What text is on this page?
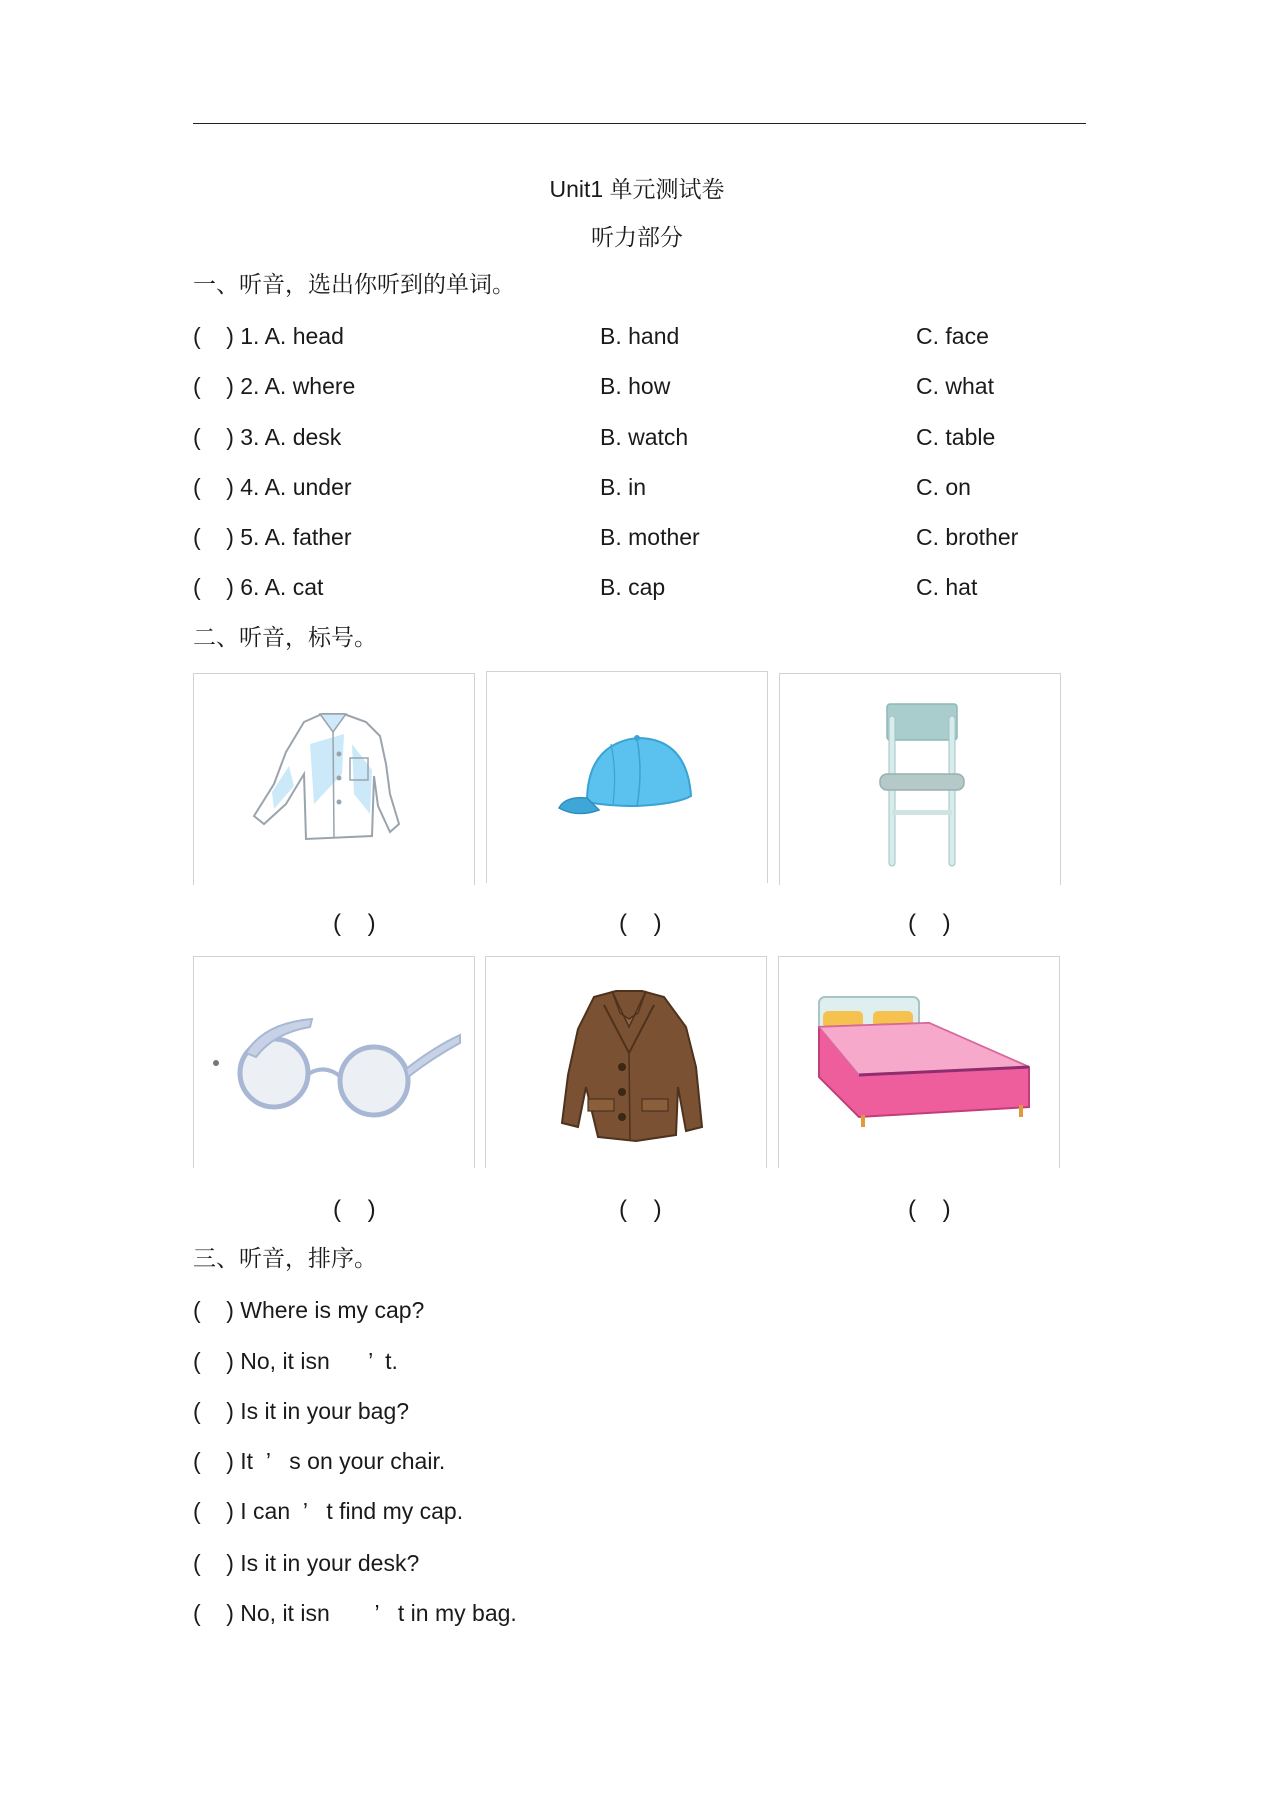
Unit1 单元测试卷
听力部分
一、听音，选出你听到的单词。
(    ) 1. A. head	B. hand	C. face
(    ) 2. A. where	B. how	C. what
(    ) 3. A. desk	B. watch	C. table
(    ) 4. A. under	B. in	C. on
(    ) 5. A. father	B. mother	C. brother
(    ) 6. A. cat	B. cap	C. hat
二、听音，标号。
(    )	(    )	(    )
(    )	(    )	(    )
三、听音，排序。
(    ) Where is my cap?
(    ) No, it isn      ’  t.
(    ) Is it in your bag?
(    ) It  ’   s on your chair.
(    ) I can  ’   t find my cap.
(    ) Is it in your desk?
(    ) No, it isn       ’   t in my bag.
